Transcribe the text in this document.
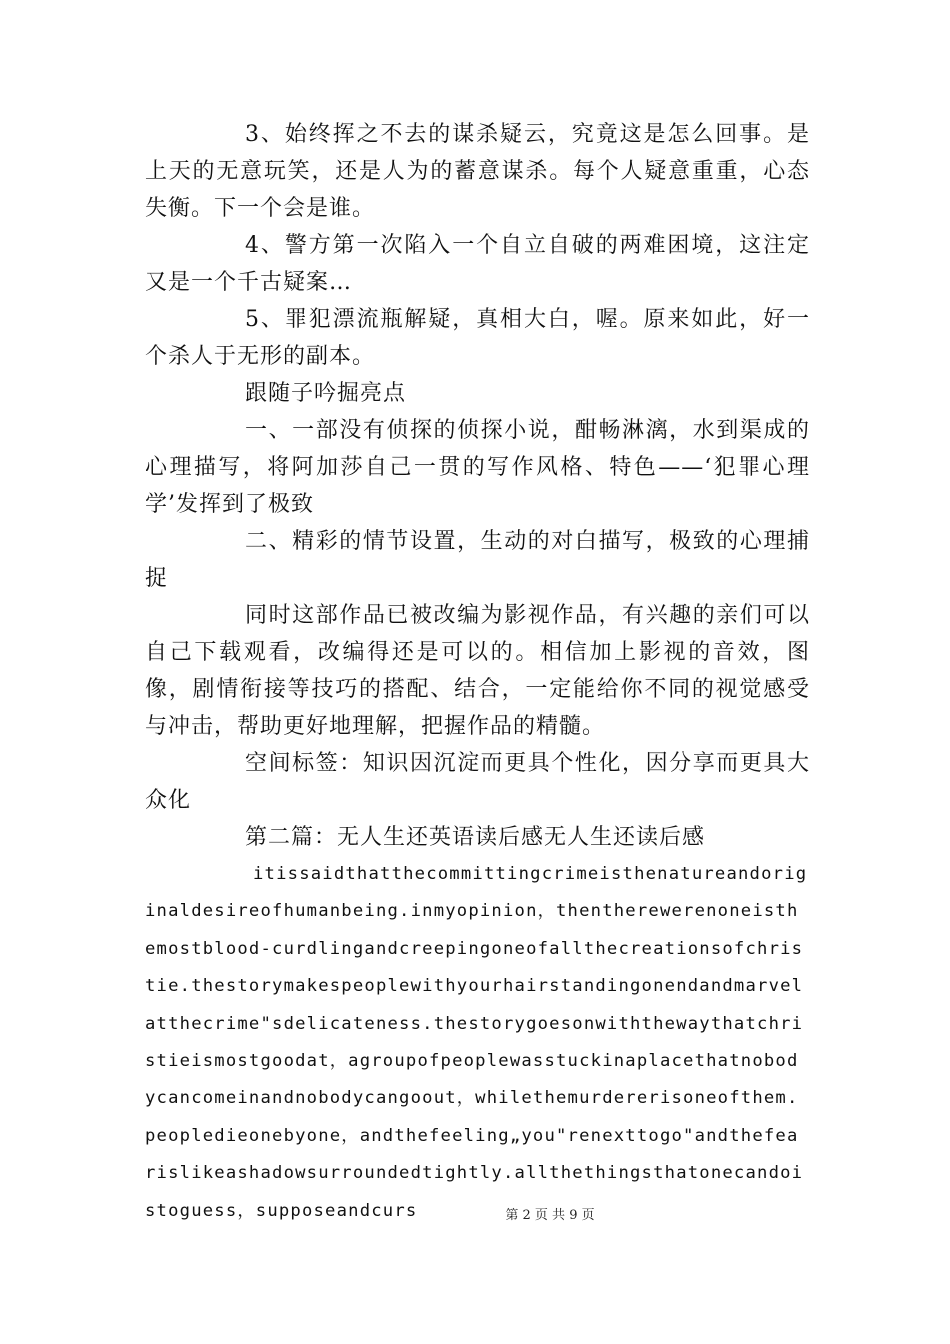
3、始终挥之不去的谋杀疑云，究竟这是怎么回事。是上天的无意玩笑，还是人为的蓄意谋杀。每个人疑意重重，心态失衡。下一个会是谁。

4、警方第一次陷入一个自立自破的两难困境，这注定又是一个千古疑案…

5、罪犯漂流瓶解疑，真相大白，喔。原来如此，好一个杀人于无形的副本。

跟随子吟掘亮点

一、一部没有侦探的侦探小说，酣畅淋漓，水到渠成的心理描写，将阿加莎自己一贯的写作风格、特色——‘犯罪心理学’发挥到了极致

二、精彩的情节设置，生动的对白描写，极致的心理捕捉

同时这部作品已被改编为影视作品，有兴趣的亲们可以自己下载观看，改编得还是可以的。相信加上影视的音效，图像，剧情衔接等技巧的搭配、结合，一定能给你不同的视觉感受与冲击，帮助更好地理解，把握作品的精髓。

空间标签：知识因沉淀而更具个性化，因分享而更具大众化

第二篇：无人生还英语读后感无人生还读后感

itissaidthatthecommittingcrimeisthenatureandoriginaldesireofhumanbeing.inmyopinion，thentherewerenoneisthemostblood-curdlingandcreepingoneofallthecreationsofchristie.thestorymakespeoplewithyourhairstandingonendandmarvelatthecrime"sdelicateness.thestorygoesonwiththewaythatchristieismostgoodat，agroupofpeoplewasstuckinaplacethatnobodycancomeinandnobodycangoout，whilethemurdererisoneofthem.peopledieonebyone，andthefeeling„you"renexttogo"andthefearislikeashadowsurroundedtightly.allthethingsthatonecandoistoguess，supposeandcurs	第 2 页 共 9 页
